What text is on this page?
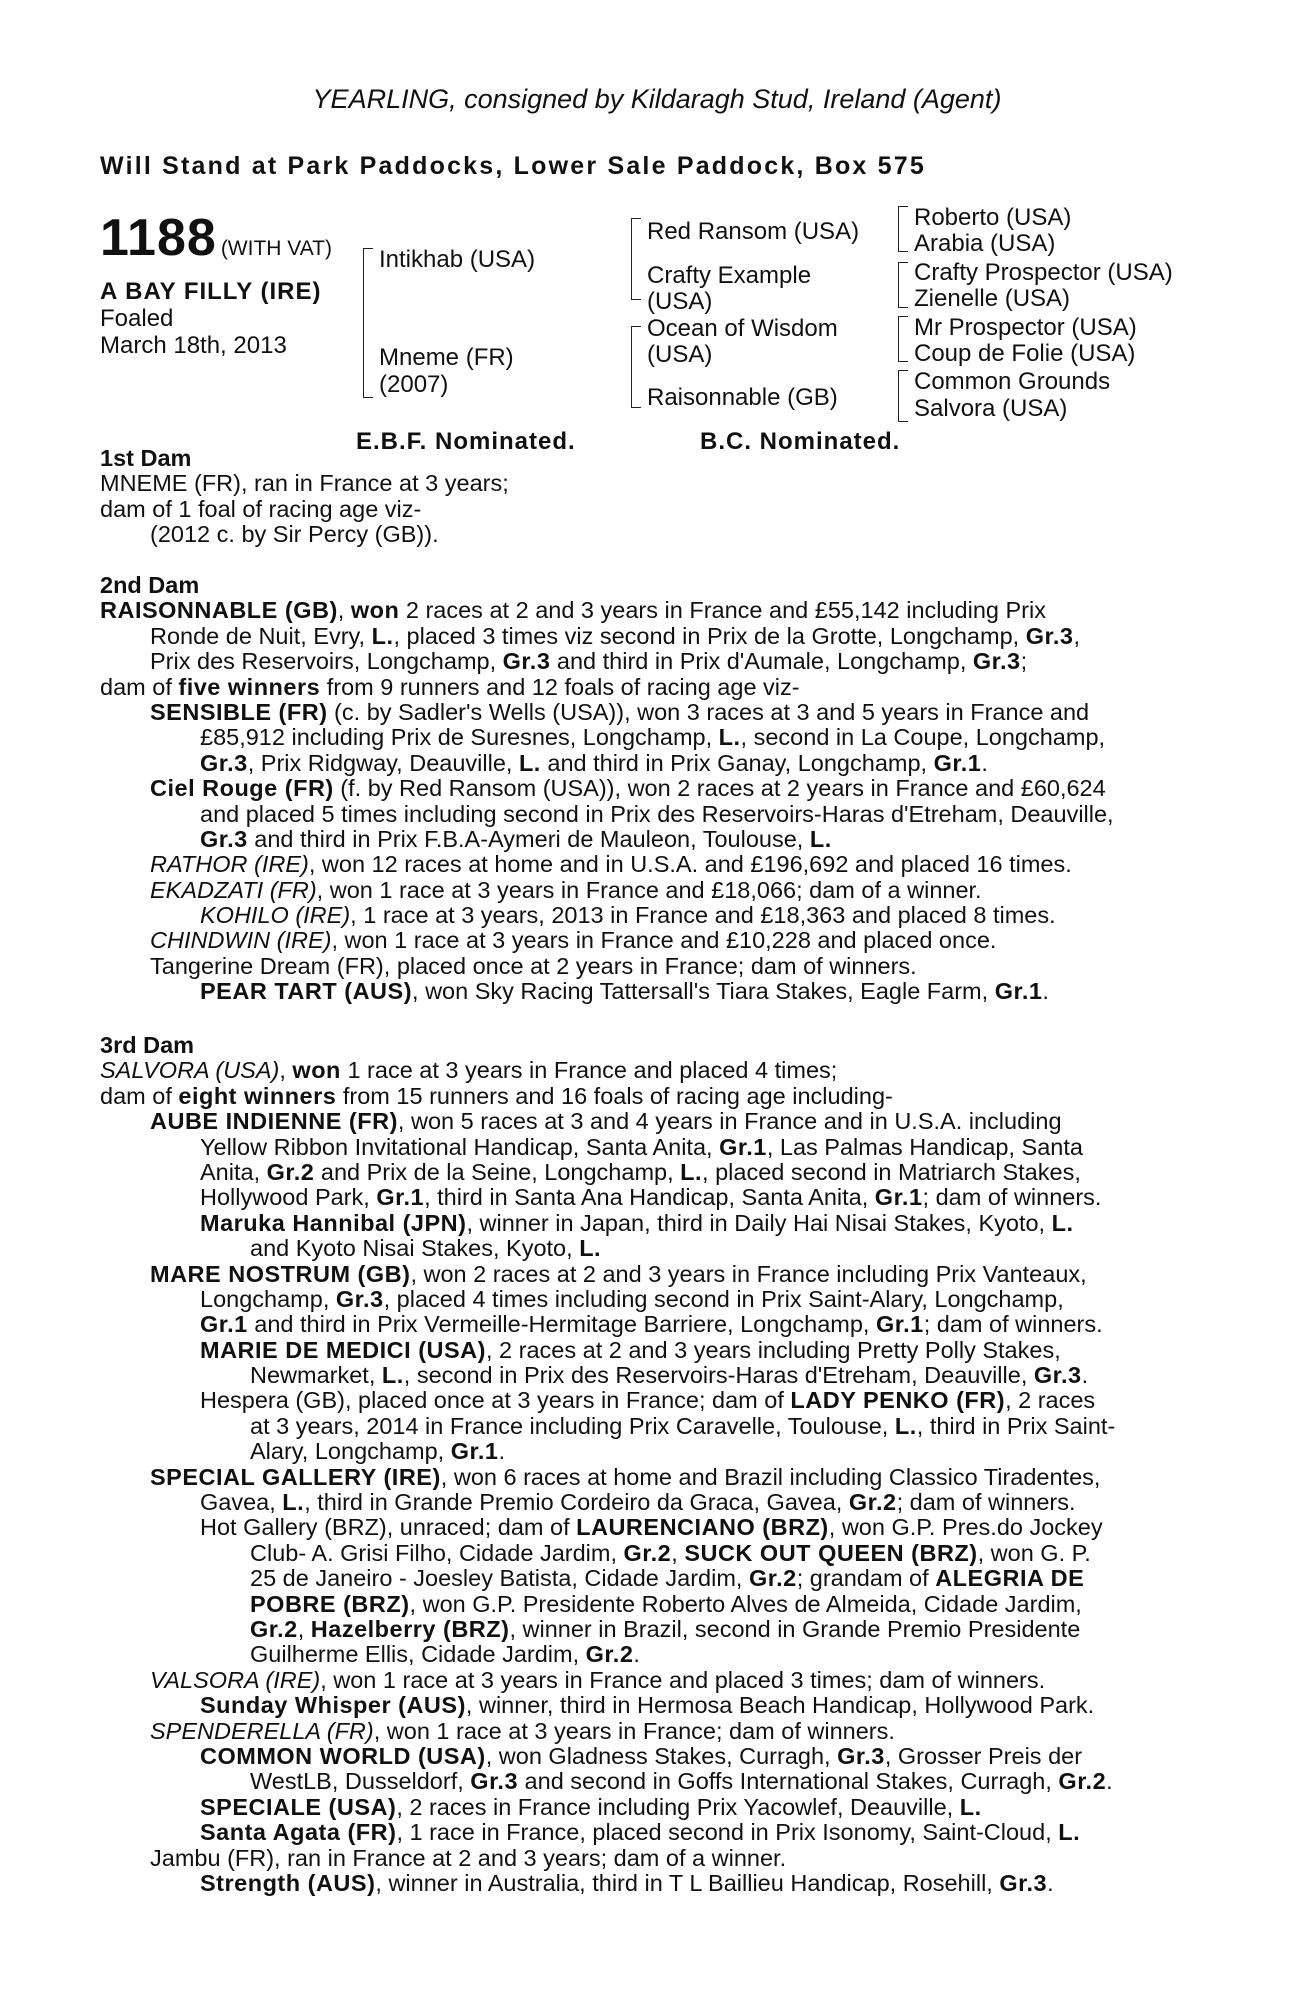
YEARLING, consigned by Kildaragh Stud, Ireland (Agent)
Will Stand at Park Paddocks, Lower Sale Paddock, Box 575
1188 (WITH VAT)
A BAY FILLY (IRE)
Foaled
March 18th, 2013
Intikhab (USA)
Mneme (FR)
(2007)
Red Ransom (USA)
Crafty Example
(USA)
Ocean of Wisdom
(USA)
Raisonnable (GB)
Roberto (USA)
Arabia (USA)
Crafty Prospector (USA)
Zienelle (USA)
Mr Prospector (USA)
Coup de Folie (USA)
Common Grounds
Salvora (USA)
E.B.F. Nominated.	B.C. Nominated.
1st Dam
MNEME (FR), ran in France at 3 years;
dam of 1 foal of racing age viz-
(2012 c. by Sir Percy (GB)).
2nd Dam
RAISONNABLE (GB), won 2 races at 2 and 3 years in France and £55,142 including Prix
Ronde de Nuit, Evry, L., placed 3 times viz second in Prix de la Grotte, Longchamp, Gr.3,
Prix des Reservoirs, Longchamp, Gr.3 and third in Prix d'Aumale, Longchamp, Gr.3;
dam of five winners from 9 runners and 12 foals of racing age viz-
SENSIBLE (FR) (c. by Sadler's Wells (USA)), won 3 races at 3 and 5 years in France and
£85,912 including Prix de Suresnes, Longchamp, L., second in La Coupe, Longchamp,
Gr.3, Prix Ridgway, Deauville, L. and third in Prix Ganay, Longchamp, Gr.1.
Ciel Rouge (FR) (f. by Red Ransom (USA)), won 2 races at 2 years in France and £60,624
and placed 5 times including second in Prix des Reservoirs-Haras d'Etreham, Deauville,
Gr.3 and third in Prix F.B.A-Aymeri de Mauleon, Toulouse, L.
RATHOR (IRE), won 12 races at home and in U.S.A. and £196,692 and placed 16 times.
EKADZATI (FR), won 1 race at 3 years in France and £18,066; dam of a winner.
KOHILO (IRE), 1 race at 3 years, 2013 in France and £18,363 and placed 8 times.
CHINDWIN (IRE), won 1 race at 3 years in France and £10,228 and placed once.
Tangerine Dream (FR), placed once at 2 years in France; dam of winners.
PEAR TART (AUS), won Sky Racing Tattersall's Tiara Stakes, Eagle Farm, Gr.1.
3rd Dam
SALVORA (USA), won 1 race at 3 years in France and placed 4 times;
dam of eight winners from 15 runners and 16 foals of racing age including-
AUBE INDIENNE (FR), won 5 races at 3 and 4 years in France and in U.S.A. including
Yellow Ribbon Invitational Handicap, Santa Anita, Gr.1, Las Palmas Handicap, Santa
Anita, Gr.2 and Prix de la Seine, Longchamp, L., placed second in Matriarch Stakes,
Hollywood Park, Gr.1, third in Santa Ana Handicap, Santa Anita, Gr.1; dam of winners.
Maruka Hannibal (JPN), winner in Japan, third in Daily Hai Nisai Stakes, Kyoto, L.
and Kyoto Nisai Stakes, Kyoto, L.
MARE NOSTRUM (GB), won 2 races at 2 and 3 years in France including Prix Vanteaux,
Longchamp, Gr.3, placed 4 times including second in Prix Saint-Alary, Longchamp,
Gr.1 and third in Prix Vermeille-Hermitage Barriere, Longchamp, Gr.1; dam of winners.
MARIE DE MEDICI (USA), 2 races at 2 and 3 years including Pretty Polly Stakes,
Newmarket, L., second in Prix des Reservoirs-Haras d'Etreham, Deauville, Gr.3.
Hespera (GB), placed once at 3 years in France; dam of LADY PENKO (FR), 2 races
at 3 years, 2014 in France including Prix Caravelle, Toulouse, L., third in Prix Saint-
Alary, Longchamp, Gr.1.
SPECIAL GALLERY (IRE), won 6 races at home and Brazil including Classico Tiradentes,
Gavea, L., third in Grande Premio Cordeiro da Graca, Gavea, Gr.2; dam of winners.
Hot Gallery (BRZ), unraced; dam of LAURENCIANO (BRZ), won G.P. Pres.do Jockey
Club- A. Grisi Filho, Cidade Jardim, Gr.2, SUCK OUT QUEEN (BRZ), won G. P.
25 de Janeiro - Joesley Batista, Cidade Jardim, Gr.2; grandam of ALEGRIA DE
POBRE (BRZ), won G.P. Presidente Roberto Alves de Almeida, Cidade Jardim,
Gr.2, Hazelberry (BRZ), winner in Brazil, second in Grande Premio Presidente
Guilherme Ellis, Cidade Jardim, Gr.2.
VALSORA (IRE), won 1 race at 3 years in France and placed 3 times; dam of winners.
Sunday Whisper (AUS), winner, third in Hermosa Beach Handicap, Hollywood Park.
SPENDERELLA (FR), won 1 race at 3 years in France; dam of winners.
COMMON WORLD (USA), won Gladness Stakes, Curragh, Gr.3, Grosser Preis der
WestLB, Dusseldorf, Gr.3 and second in Goffs International Stakes, Curragh, Gr.2.
SPECIALE (USA), 2 races in France including Prix Yacowlef, Deauville, L.
Santa Agata (FR), 1 race in France, placed second in Prix Isonomy, Saint-Cloud, L.
Jambu (FR), ran in France at 2 and 3 years; dam of a winner.
Strength (AUS), winner in Australia, third in T L Baillieu Handicap, Rosehill, Gr.3.
